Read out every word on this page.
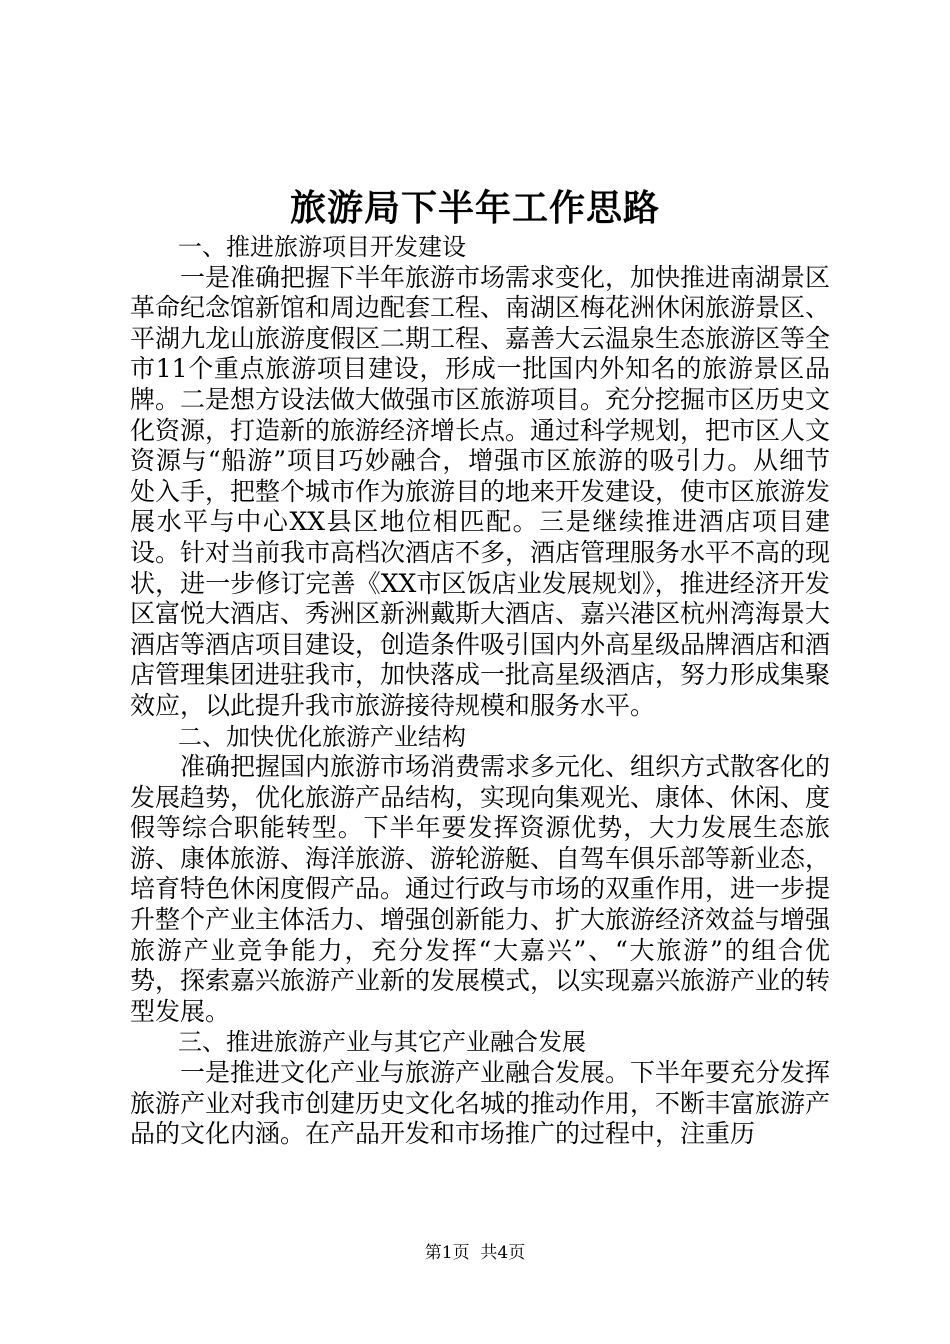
旅游局下半年工作思路

一、推进旅游项目开发建设

一是准确把握下半年旅游市场需求变化，加快推进南湖景区革命纪念馆新馆和周边配套工程、南湖区梅花洲休闲旅游景区、平湖九龙山旅游度假区二期工程、嘉善大云温泉生态旅游区等全市11个重点旅游项目建设，形成一批国内外知名的旅游景区品牌。二是想方设法做大做强市区旅游项目。充分挖掘市区历史文化资源，打造新的旅游经济增长点。通过科学规划，把市区人文资源与“船游”项目巧妙融合，增强市区旅游的吸引力。从细节处入手，把整个城市作为旅游目的地来开发建设，使市区旅游发展水平与中心XX县区地位相匹配。三是继续推进酒店项目建设。针对当前我市高档次酒店不多，酒店管理服务水平不高的现状，进一步修订完善《XX市区饭店业发展规划》，推进经济开发区富悦大酒店、秀洲区新洲戴斯大酒店、嘉兴港区杭州湾海景大酒店等酒店项目建设，创造条件吸引国内外高星级品牌酒店和酒店管理集团进驻我市，加快落成一批高星级酒店，努力形成集聚效应，以此提升我市旅游接待规模和服务水平。

二、加快优化旅游产业结构

准确把握国内旅游市场消费需求多元化、组织方式散客化的发展趋势，优化旅游产品结构，实现向集观光、康体、休闲、度假等综合职能转型。下半年要发挥资源优势，大力发展生态旅游、康体旅游、海洋旅游、游轮游艇、自驾车俱乐部等新业态，培育特色休闲度假产品。通过行政与市场的双重作用，进一步提升整个产业主体活力、增强创新能力、扩大旅游经济效益与增强旅游产业竞争能力，充分发挥“大嘉兴”、“大旅游”的组合优势，探索嘉兴旅游产业新的发展模式，以实现嘉兴旅游产业的转型发展。

三、推进旅游产业与其它产业融合发展

一是推进文化产业与旅游产业融合发展。下半年要充分发挥旅游产业对我市创建历史文化名城的推动作用，不断丰富旅游产品的文化内涵。在产品开发和市场推广的过程中，注重历

第1页  共4页
